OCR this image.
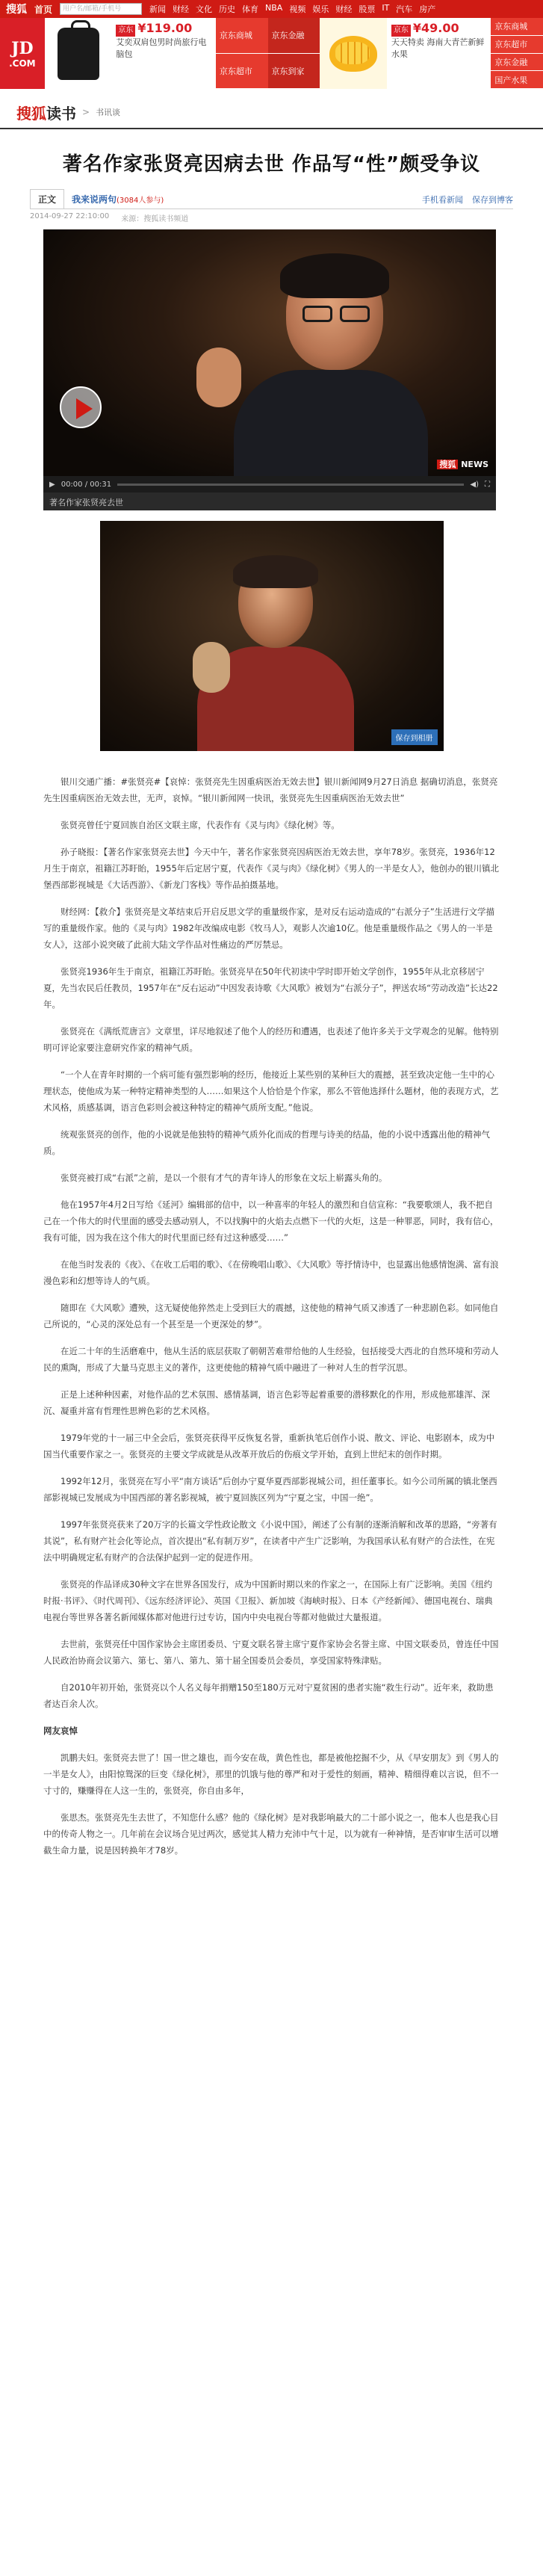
搜狐 首页	用户名/邮箱/手机号	新闻 财经 文化 历史 体育 NBA 视频 娱乐 财经 股票 IT 汽车 房产
JD
.COM
京东 ¥119.00
艾奕双肩包男时尚旅行电脑包
京东商城
京东超市
京东金融
京东到家
京东 ¥49.00
天天特卖 海南大青芒新鲜水果
京东商城
京东超市
京东金融
国产水果
搜狐读书 > 书讯谈
著名作家张贤亮因病去世 作品写“性”颇受争议
正文	我来说两句(3084人参与)	手机看新闻 保存到博客
2014-09-27 22:10:00 来源：搜狐读书频道
搜狐 NEWS
▶ 00:00 / 00:31	◀) ⛶
著名作家张贤亮去世
保存到相册

银川交通广播：#张贤亮#【哀悼：张贤亮先生因重病医治无效去世】银川新闻网9月27日消息 据确切消息，张贤亮先生因重病医治无效去世，无声，哀悼。“银川新闻网一快讯，张贤亮先生因重病医治无效去世”

张贤亮曾任宁夏回族自治区文联主席，代表作有《灵与肉》《绿化树》等。

孙子晓报：【著名作家张贤亮去世】今天中午，著名作家张贤亮因病医治无效去世，享年78岁。张贤亮，1936年12月生于南京，祖籍江苏盱眙，1955年后定居宁夏，代表作《灵与肉》《绿化树》《男人的一半是女人》，他创办的银川镇北堡西部影视城是《大话西游》、《新龙门客栈》等作品拍摄基地。

财经网：【救介】张贤亮是文革结束后开启反思文学的重量级作家，是对反右运动造成的“右派分子”生活进行文学描写的重量级作家。他的《灵与肉》1982年改编成电影《牧马人》，观影人次逾10亿。他是重量级作品之《男人的一半是女人》，这部小说突破了此前大陆文学作品对性痛边的严厉禁忌。

张贤亮1936年生于南京，祖籍江苏盱眙。张贤亮早在50年代初读中学时即开始文学创作，1955年从北京移居宁夏，先当农民后任教员，1957年在“反右运动”中因发表诗歌《大风歌》被划为“右派分子”，押送农场“劳动改造”长达22年。

张贤亮在《满纸荒唐言》文章里，详尽地叙述了他个人的经历和遭遇，也表述了他许多关于文学观念的见解。他特别明可评论家要注意研究作家的精神气质。

“一个人在青年时期的一个病可能有强烈影响的经历，他接近上某些别的某种巨大的震撼，甚至致决定他一生中的心理状态，使他成为某一种特定精神类型的人……如果这个人恰恰是个作家，那么不管他选择什么题材，他的表现方式，艺术风格，质感基调，语言色彩则会被这种特定的精神气质所支配。”他说。

统观张贤亮的创作，他的小说就是他独特的精神气质外化而成的哲理与诗美的结晶，他的小说中透露出他的精神气质。

张贤亮被打成“右派”之前，是以一个很有才气的青年诗人的形象在文坛上崭露头角的。

他在1957年4月2日写给《延河》编辑部的信中，以一种喜率的年轻人的激烈和自信宣称：“我要歌颂人，我不把自己在一个伟大的时代里面的感受去感动别人，不以找胸中的火焰去点燃下一代的火炬，这是一种罪恶，同时，我有信心，我有可能，因为我在这个伟大的时代里面已经有过这种感受……”

在他当时发表的《夜》、《在收工后唱的歌》、《在傍晚唱山歌》、《大风歌》等抒情诗中，也显露出他感情饱满、富有浪漫色彩和幻想等诗人的气质。

随即在《大风歌》遭殃，这无疑使他猝然走上受到巨大的震撼，这使他的精神气质又渗透了一种悲剧色彩。如同他自己所说的，“心灵的深处总有一个甚至是一个更深处的梦”。

在近二十年的生活磨难中，他从生活的底层获取了朝朝苦难带给他的人生经验，包括接受大西北的自然环境和劳动人民的熏陶，形成了大量马克思主义的著作，这更使他的精神气质中融进了一种对人生的哲学沉思。

正是上述种种因素，对他作品的艺术氛围、感情基调，语言色彩等起着重要的潜移默化的作用，形成他那雄浑、深沉、凝重并富有哲理性思辨色彩的艺术风格。

1979年党的十一届三中全会后，张贤亮获得平反恢复名誉，重新执笔后创作小说、散文、评论、电影剧本，成为中国当代重要作家之一。张贤亮的主要文学成就是从改革开放后的伤痕文学开始，直到上世纪末的创作时期。

1992年12月，张贤亮在写小平“南方谈话”后创办宁夏华夏西部影视城公司，担任董事长。如今公司所属的镇北堡西部影视城已发展成为中国西部的著名影视城，被宁夏回族区列为“宁夏之宝，中国一绝”。

1997年张贤亮获来了20万字的长篇文学性政论散文《小说中国》，阐述了公有制的逐渐消解和改革的思路，“旁著有其说”，私有财产社会化等论点，首次提出“私有制万岁”，在读者中产生广泛影响，为我国承认私有财产的合法性，在宪法中明确规定私有财产的合法保护起到一定的促进作用。

张贤亮的作品译成30种文字在世界各国发行，成为中国新时期以来的作家之一，在国际上有广泛影响。美国《纽约时报·书评》、《时代周刊》、《远东经济评论》、英国《卫报》、新加坡《海峡时报》、日本《产经新闻》、德国电视台、瑞典电视台等世界各著名新闻媒体都对他进行过专访，国内中央电视台等都对他做过大量报道。

去世前，张贤亮任中国作家协会主席团委员、宁夏文联名誉主席宁夏作家协会名誉主席、中国文联委员，曾连任中国人民政治协商会议第六、第七、第八、第九、第十届全国委员会委员，享受国家特殊津贴。

自2010年初开始，张贤亮以个人名义每年捐赠150至180万元对宁夏贫困的患者实施“救生行动”。近年来，救助患者达百余人次。

网友哀悼

凯鹏夫妇。张贤亮去世了！国一世之雄也，而今安在哉，黄色性也，都是被他挖掘不少，从《早安朋友》到《男人的一半是女人》，由阳惊鸳深的巨变《绿化树》，那里的饥饿与他的尊严和对于爱性的刻画，精神、精细得难以言说，但不一寸寸的，赚赚得在人这一生的，张贤亮，你自由多年，

张思杰。张贤亮先生去世了，不知您什么感？他的《绿化树》是对我影响最大的二十部小说之一，他本人也是我心目中的传奇人物之一。几年前在会议场合见过两次，感觉其人精力充沛中气十足，以为就有一种神情，是否审审生活可以增截生命力量，说是因转换年才78岁。
